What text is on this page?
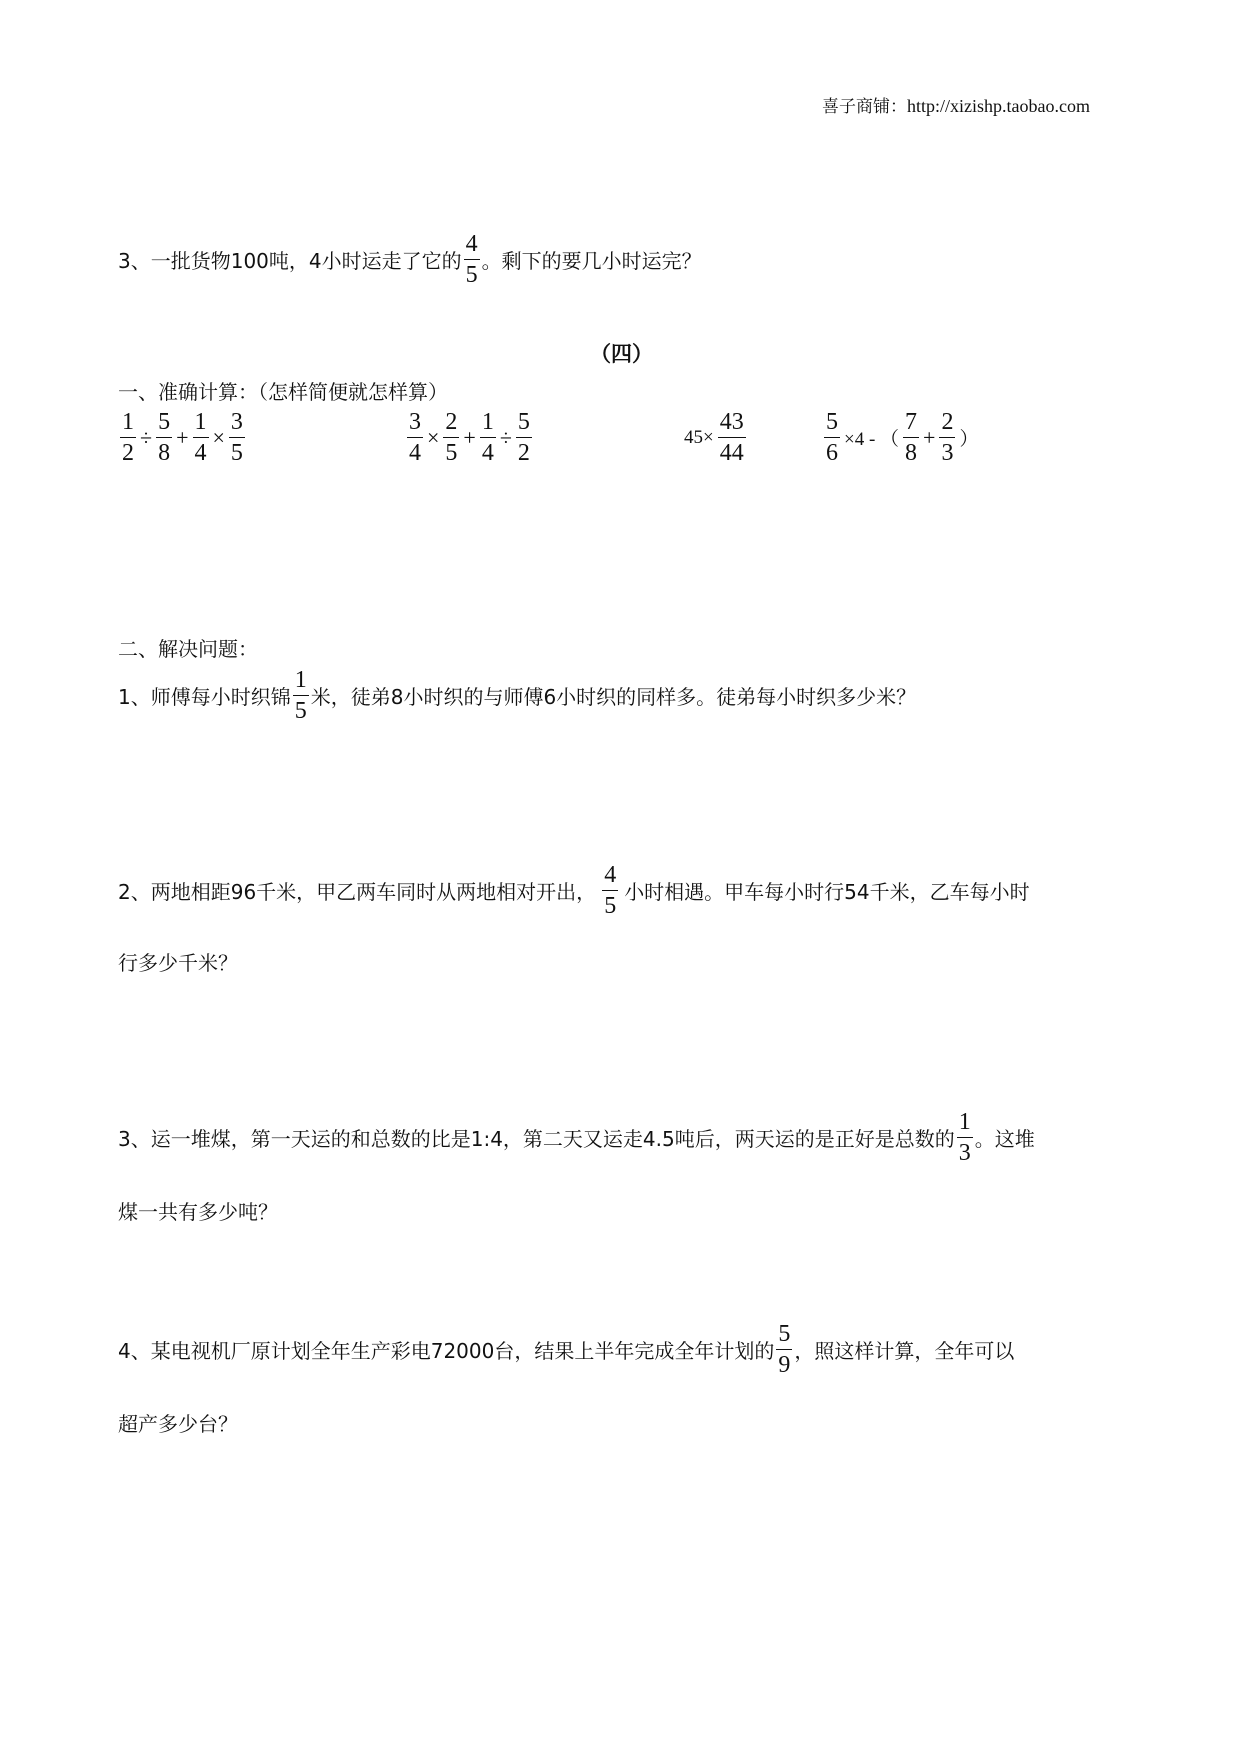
喜子商铺：http://xizishp.taobao.com
3、 一批货物100吨，4小时运走了它的 $\frac{4}{5}$ 。剩下的要几小时运完？
（四）
一、准确计算：（怎样简便就怎样算）
$\frac{1}{2} \div \frac{5}{8} + \frac{1}{4} \times \frac{3}{5}$	$\frac{3}{4} \times \frac{2}{5} + \frac{1}{4} \div \frac{5}{2}$	$45\times \frac{43}{44}$	$\frac{5}{6} \times 4$ - （ $\frac{7}{8} + \frac{2}{3}$ ）
二、解决问题：
1、 师傅每小时织锦 $\frac{1}{5}$ 米，徒弟8小时织的与师傅6小时织的同样多。徒弟每小时织多少米？
2、 两地相距96千米，甲乙两车同时从两地相对开出， $\frac{4}{5}$ 小时相遇。甲车每小时行54千米，乙车每小时
行多少千米？
3、 运一堆煤，第一天运的和总数的比是1:4，第二天又运走4.5吨后，两天运的是正好是总数的 $\frac{1}{3}$ 。这堆
煤一共有多少吨？
4、 某电视机厂原计划全年生产彩电72000台，结果上半年完成全年计划的 $\frac{5}{9}$ ，照这样计算，全年可以
超产多少台？
